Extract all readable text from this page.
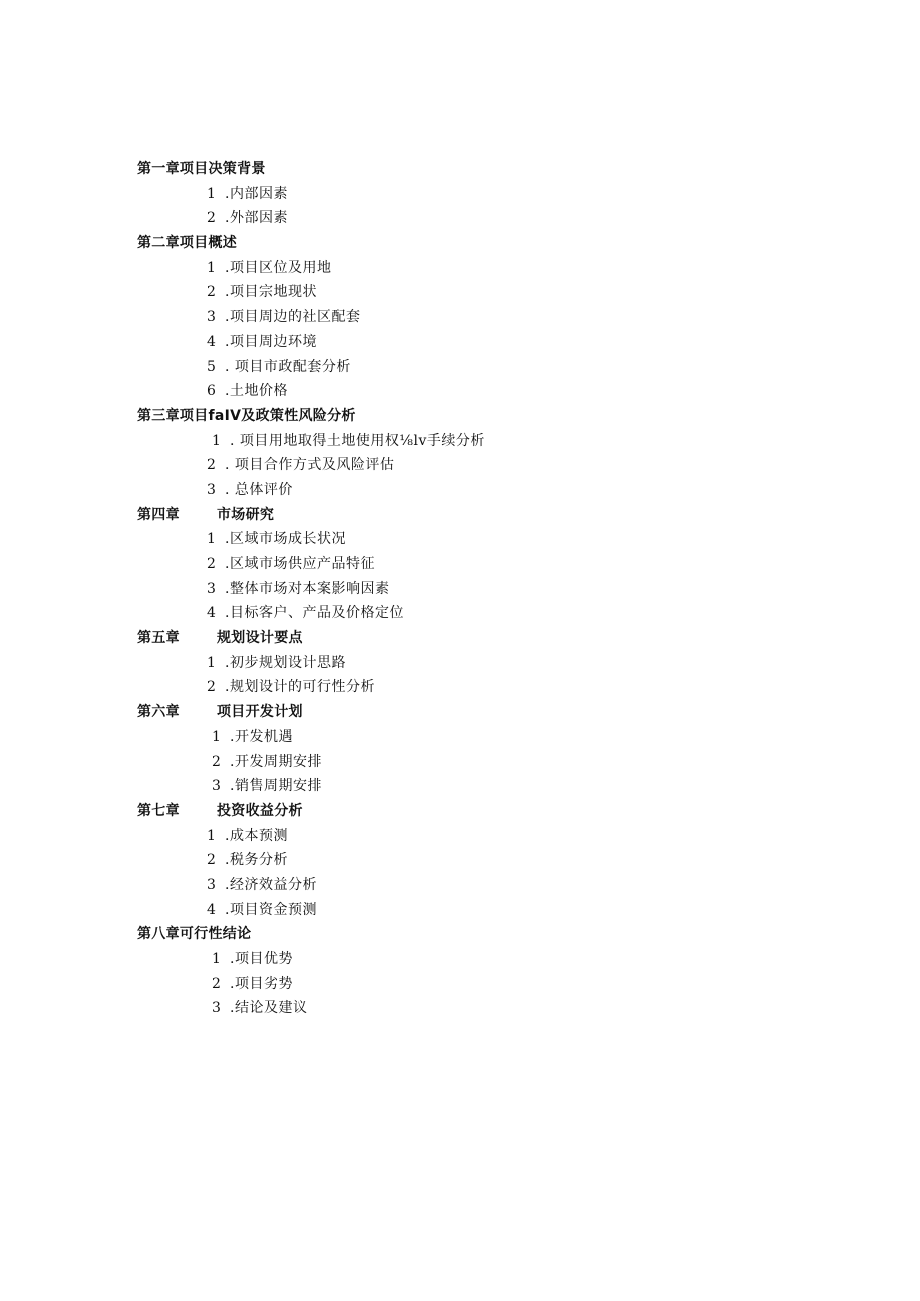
第一章项目决策背景
1 .内部因素
2 .外部因素
第二章项目概述
1 .项目区位及用地
2 .项目宗地现状
3 .项目周边的社区配套
4 .项目周边环境
5 . 项目市政配套分析
6 .土地价格
第三章项目faIV及政策性风险分析
1 . 项目用地取得土地使用权⅛lv手续分析
2 . 项目合作方式及风险评估
3 . 总体评价
第四章	市场研究
1 .区域市场成长状况
2 .区域市场供应产品特征
3 .整体市场对本案影响因素
4 .目标客户、产品及价格定位
第五章	规划设计要点
1 .初步规划设计思路
2 .规划设计的可行性分析
第六章	项目开发计划
1 .开发机遇
2 .开发周期安排
3 .销售周期安排
第七章	投资收益分析
1 .成本预测
2 .税务分析
3 .经济效益分析
4 .项目资金预测
第八章可行性结论
1 .项目优势
2 .项目劣势
3 .结论及建议
